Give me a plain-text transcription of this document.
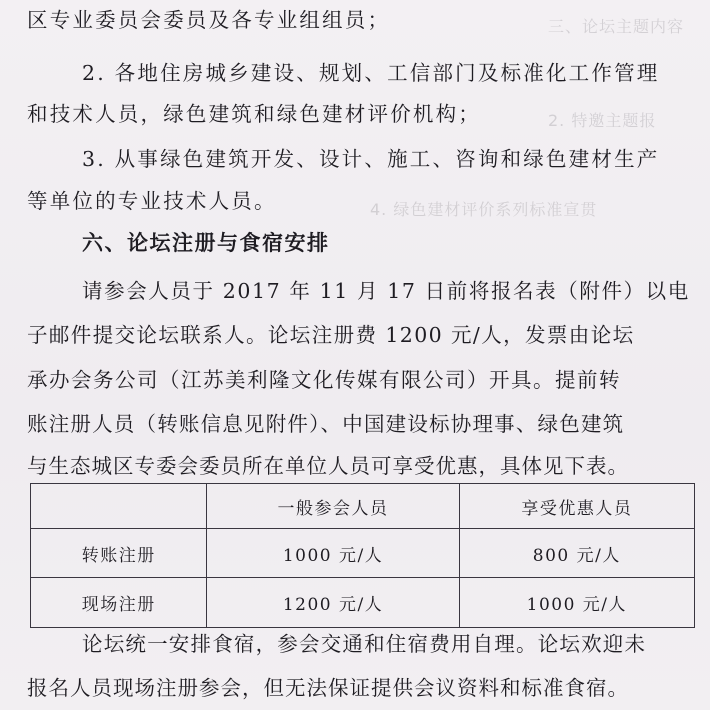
三、论坛主题内容
2. 特邀主题报
4. 绿色建材评价系列标准宣贯
区专业委员会委员及各专业组组员；
2. 各地住房城乡建设、规划、工信部门及标准化工作管理
和技术人员，绿色建筑和绿色建材评价机构；
3. 从事绿色建筑开发、设计、施工、咨询和绿色建材生产
等单位的专业技术人员。
六、论坛注册与食宿安排
请参会人员于 2017 年 11 月 17 日前将报名表（附件）以电
子邮件提交论坛联系人。论坛注册费 1200 元/人，发票由论坛
承办会务公司（江苏美利隆文化传媒有限公司）开具。提前转
账注册人员（转账信息见附件）、中国建设标协理事、绿色建筑
与生态城区专委会委员所在单位人员可享受优惠，具体见下表。
	一般参会人员	享受优惠人员
转账注册	1000 元/人	800 元/人
现场注册	1200 元/人	1000 元/人
论坛统一安排食宿，参会交通和住宿费用自理。论坛欢迎未
报名人员现场注册参会，但无法保证提供会议资料和标准食宿。
